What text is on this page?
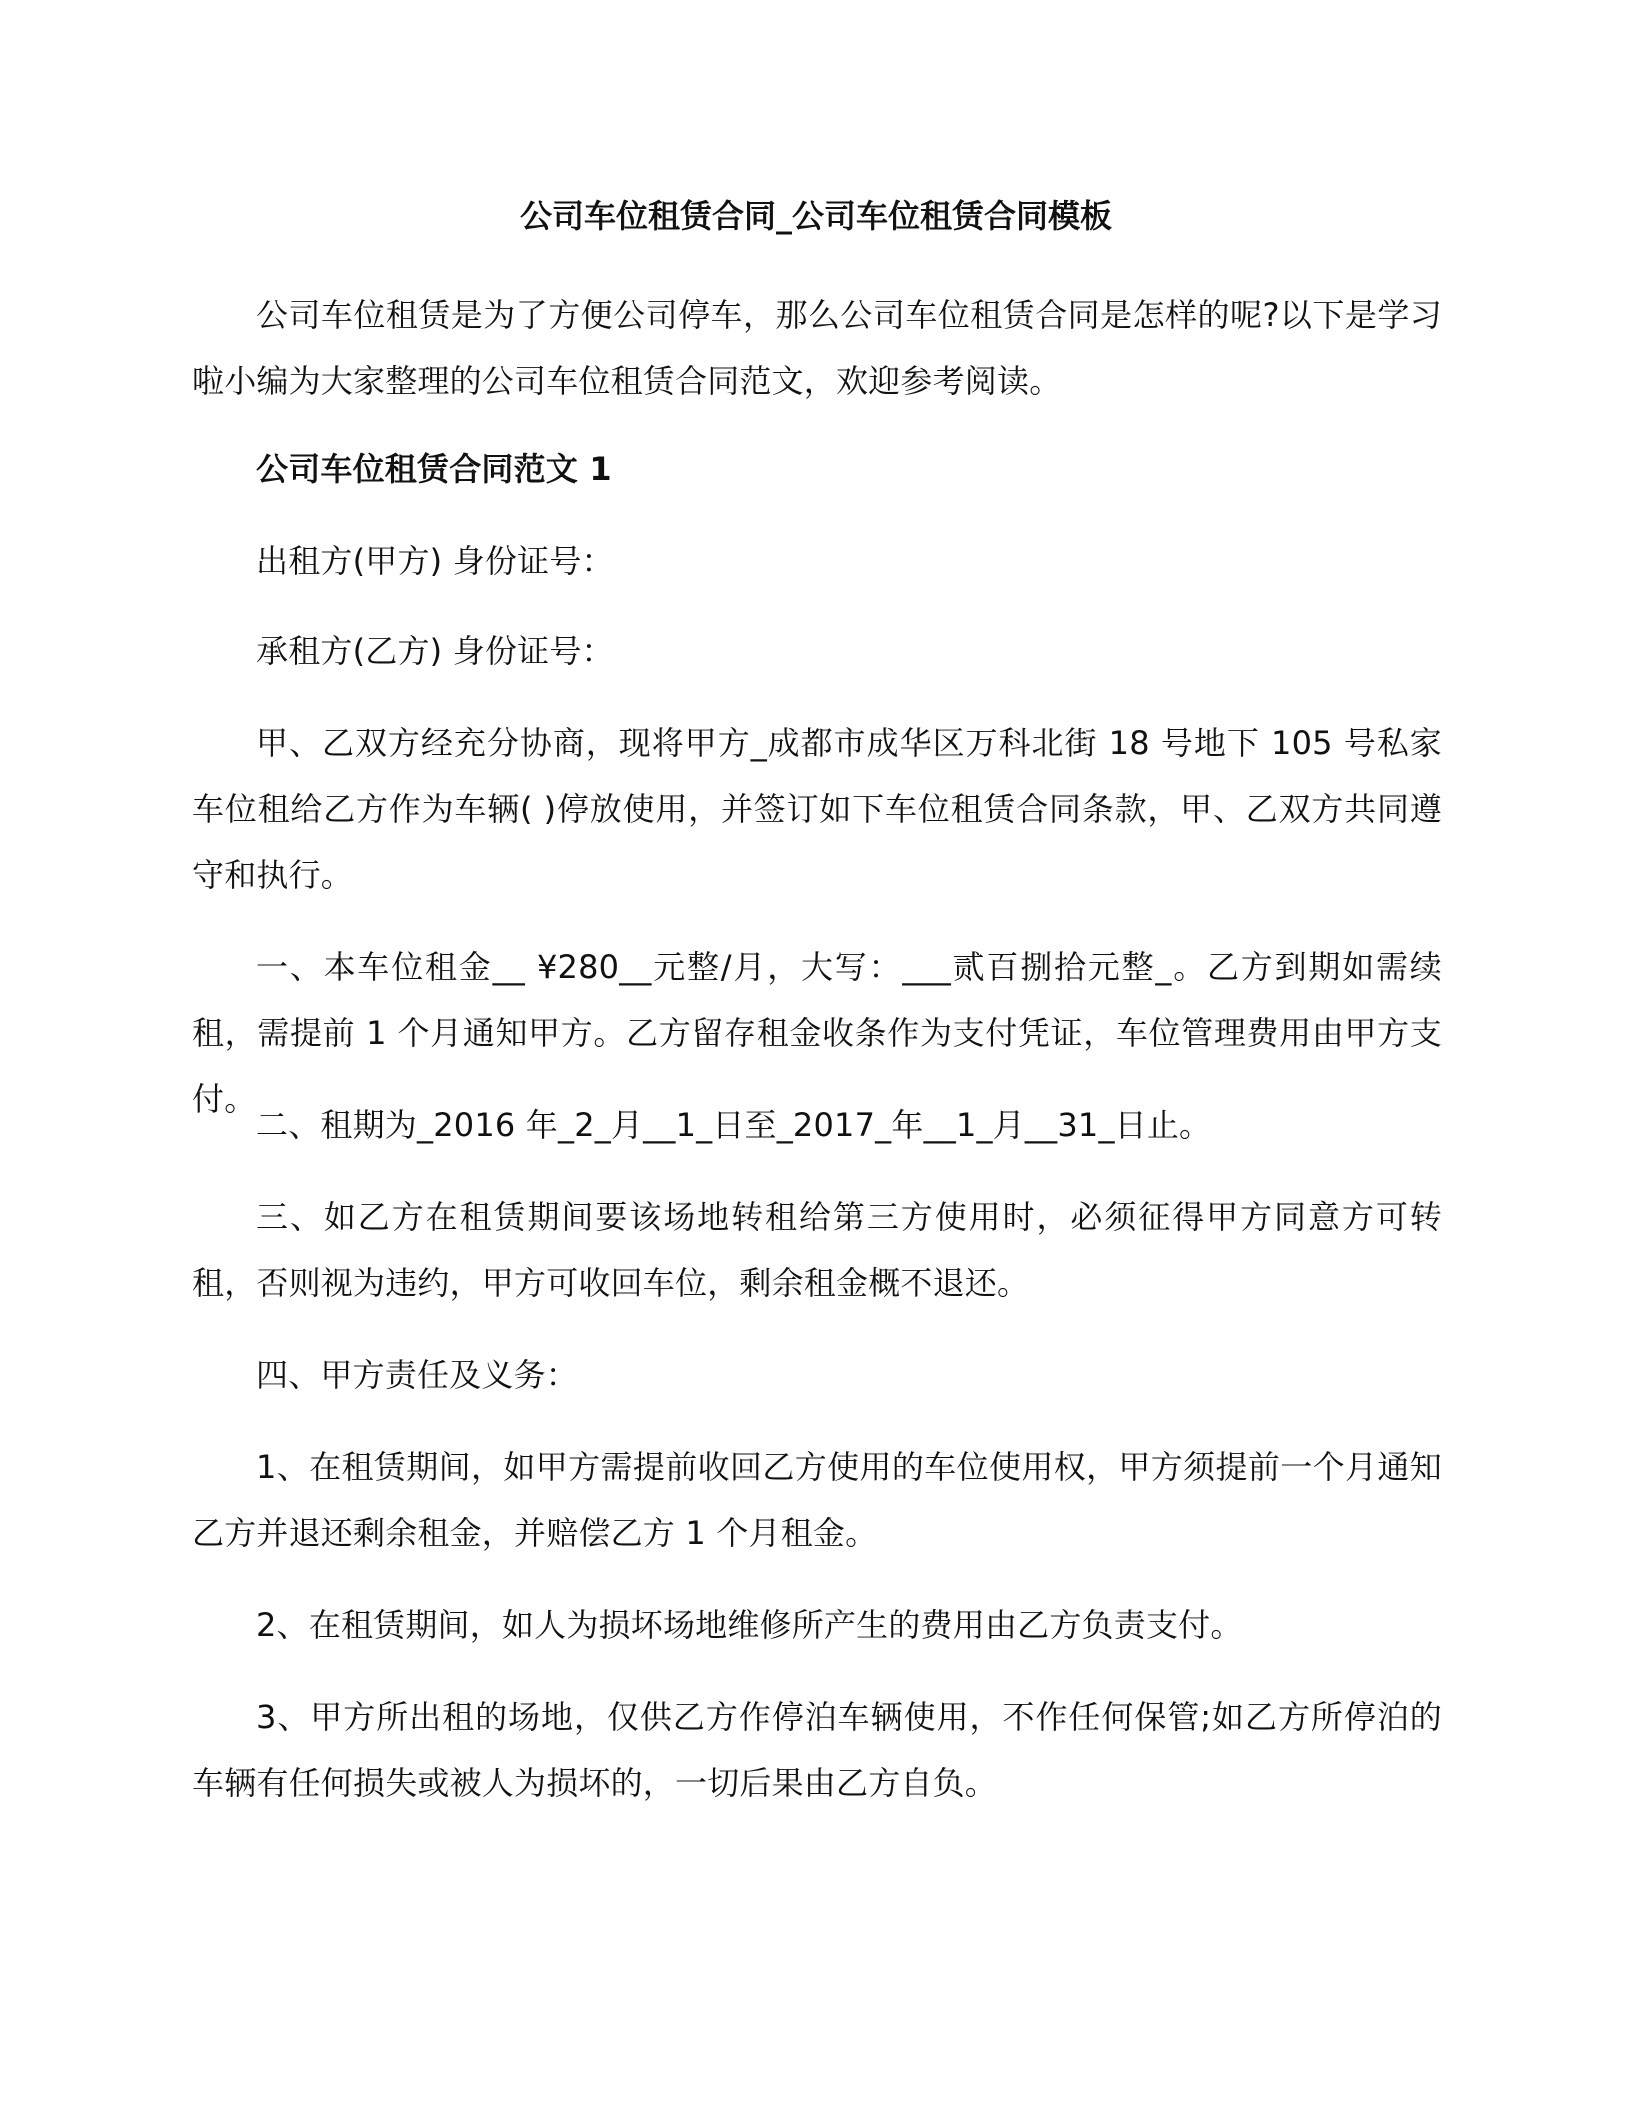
公司车位租赁合同_公司车位租赁合同模板
公司车位租赁是为了方便公司停车，那么公司车位租赁合同是怎样的呢?以下是学习啦小编为大家整理的公司车位租赁合同范文，欢迎参考阅读。
公司车位租赁合同范文 1
出租方(甲方) 身份证号：
承租方(乙方) 身份证号：
甲、乙双方经充分协商，现将甲方_成都市成华区万科北街 18 号地下 105 号私家车位租给乙方作为车辆( )停放使用，并签订如下车位租赁合同条款，甲、乙双方共同遵守和执行。
一、本车位租金__ ¥280__元整/月，大写：___贰百捌拾元整_。乙方到期如需续租，需提前 1 个月通知甲方。乙方留存租金收条作为支付凭证，车位管理费用由甲方支付。
二、租期为_2016 年_2_月__1_日至_2017_年__1_月__31_日止。
三、如乙方在租赁期间要该场地转租给第三方使用时，必须征得甲方同意方可转租，否则视为违约，甲方可收回车位，剩余租金概不退还。
四、甲方责任及义务：
1、在租赁期间，如甲方需提前收回乙方使用的车位使用权，甲方须提前一个月通知乙方并退还剩余租金，并赔偿乙方 1 个月租金。
2、在租赁期间，如人为损坏场地维修所产生的费用由乙方负责支付。
3、甲方所出租的场地，仅供乙方作停泊车辆使用，不作任何保管;如乙方所停泊的车辆有任何损失或被人为损坏的，一切后果由乙方自负。
